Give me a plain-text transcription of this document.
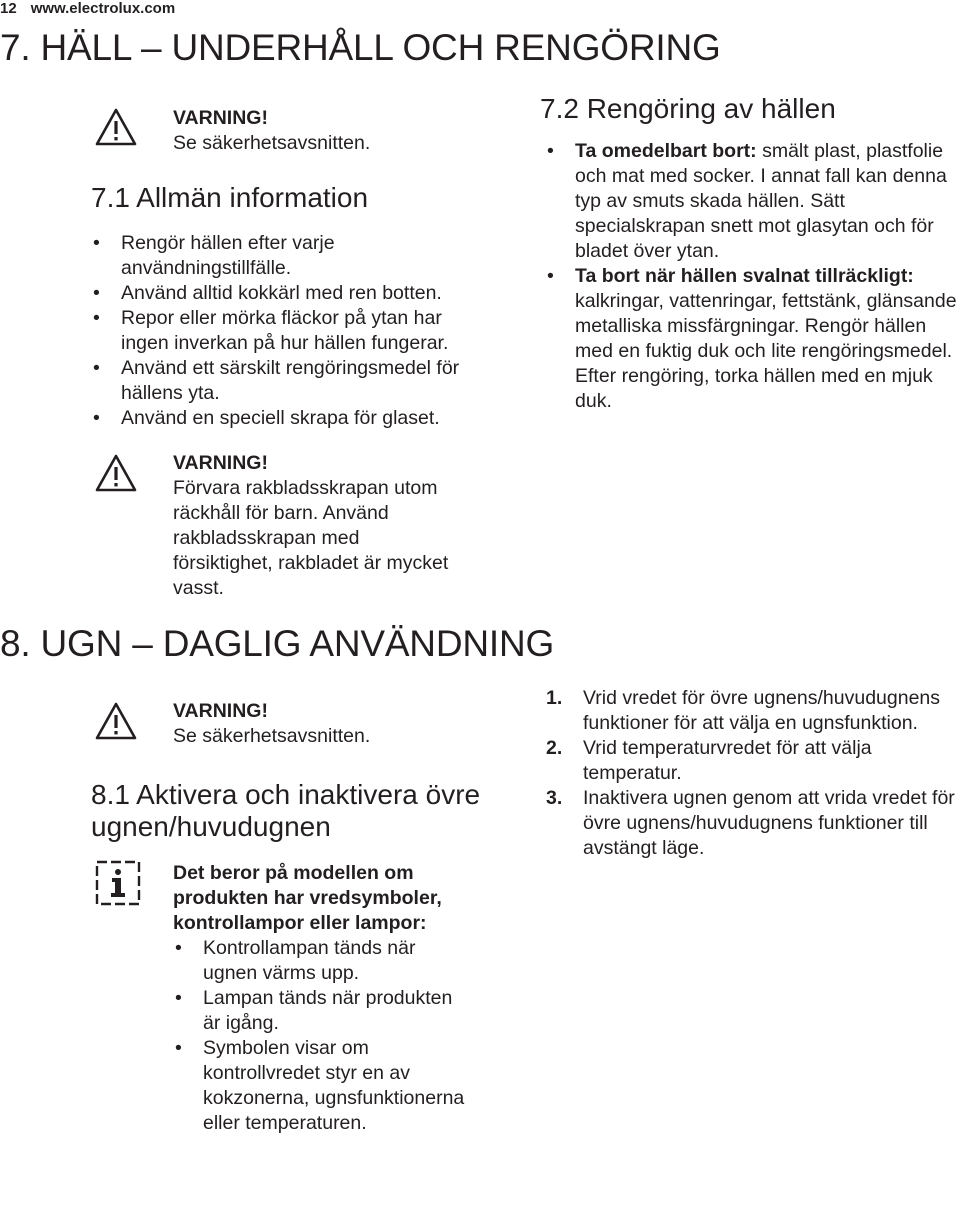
12 www.electrolux.com
7. HÄLL – UNDERHÅLL OCH RENGÖRING
VARNING!
Se säkerhetsavsnitten.
7.1 Allmän information
• Rengör hällen efter varje användningstillfälle.
• Använd alltid kokkärl med ren botten.
• Repor eller mörka fläckor på ytan har ingen inverkan på hur hällen fungerar.
• Använd ett särskilt rengöringsmedel för hällens yta.
• Använd en speciell skrapa för glaset.
VARNING!
Förvara rakbladsskrapan utom räckhåll för barn. Använd rakbladsskrapan med försiktighet, rakbladet är mycket vasst.
7.2 Rengöring av hällen
• Ta omedelbart bort: smält plast, plastfolie och mat med socker. I annat fall kan denna typ av smuts skada hällen. Sätt specialskrapan snett mot glasytan och för bladet över ytan.
• Ta bort när hällen svalnat tillräckligt: kalkringar, vattenringar, fettstänk, glänsande metalliska missfärgningar. Rengör hällen med en fuktig duk och lite rengöringsmedel. Efter rengöring, torka hällen med en mjuk duk.
8. UGN – DAGLIG ANVÄNDNING
VARNING!
Se säkerhetsavsnitten.
8.1 Aktivera och inaktivera övre ugnen/huvudugnen
Det beror på modellen om produkten har vredsymboler, kontrollampor eller lampor:
• Kontrollampan tänds när ugnen värms upp.
• Lampan tänds när produkten är igång.
• Symbolen visar om kontrollvredet styr en av kokzonerna, ugnsfunktionerna eller temperaturen.
1. Vrid vredet för övre ugnens/huvudugnens funktioner för att välja en ugnsfunktion.
2. Vrid temperaturvredet för att välja temperatur.
3. Inaktivera ugnen genom att vrida vredet för övre ugnens/huvudugnens funktioner till avstängt läge.
